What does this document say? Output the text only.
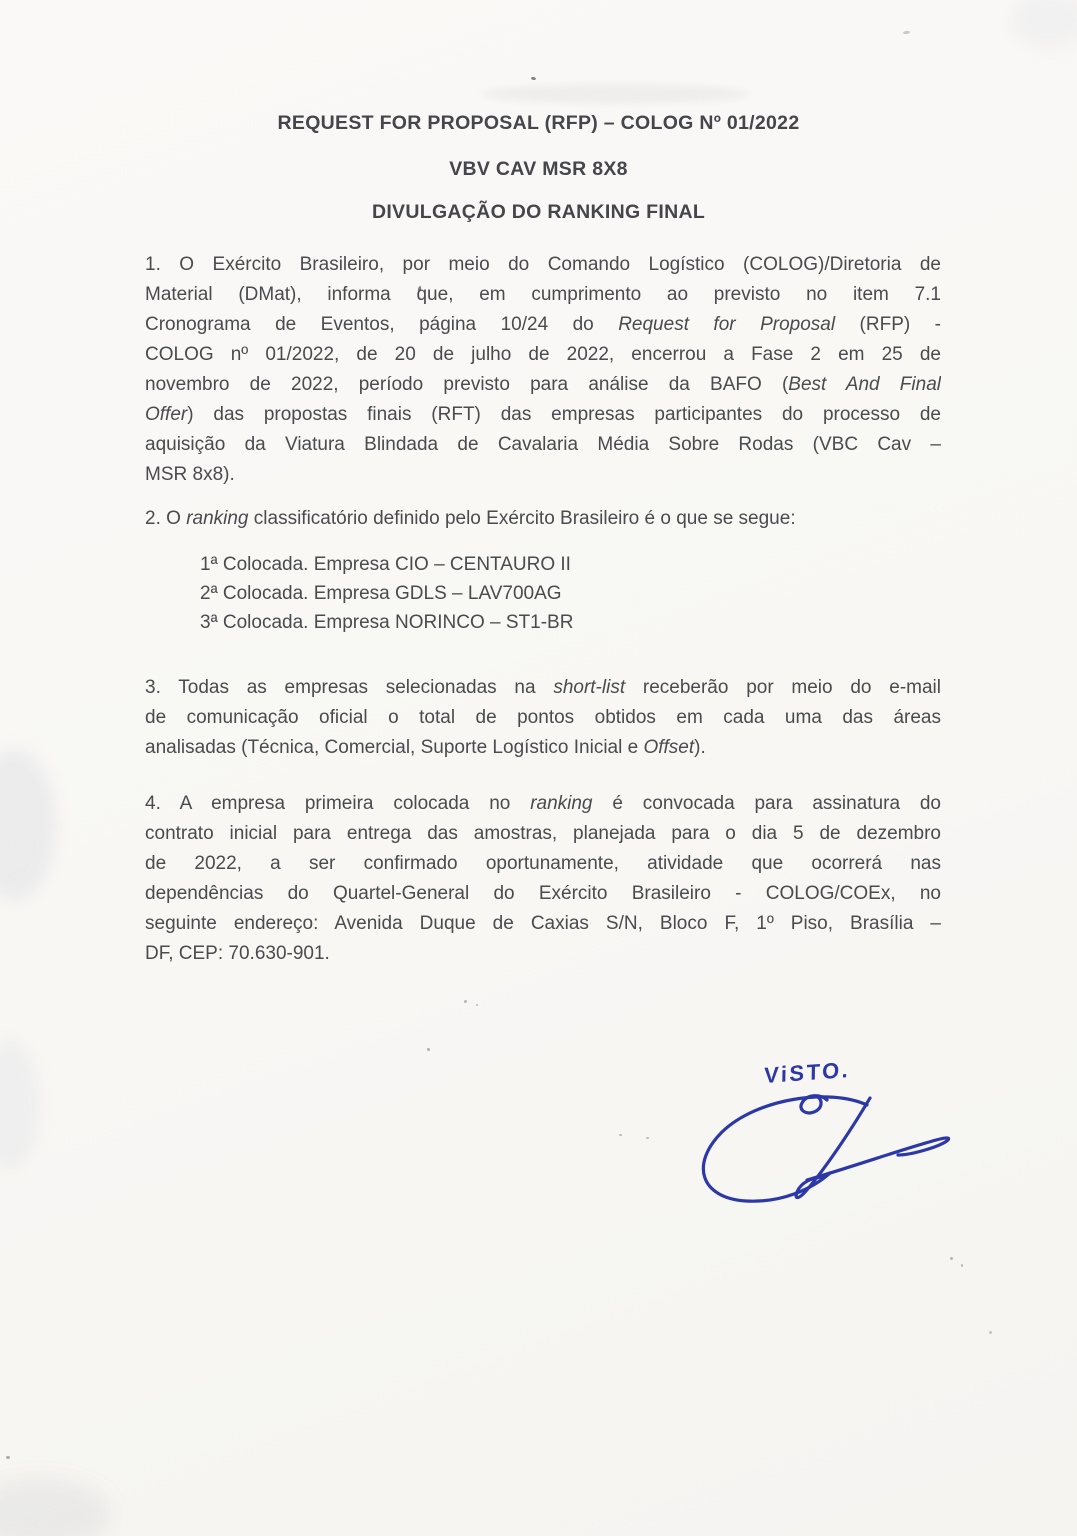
REQUEST FOR PROPOSAL (RFP) – COLOG Nº 01/2022
VBV CAV MSR 8X8
DIVULGAÇÃO DO RANKING FINAL
1. O Exército Brasileiro, por meio do Comando Logístico (COLOG)/Diretoria de
Material (DMat), informa que, em cumprimento ao previsto no item 7.1
Cronograma de Eventos, página 10/24 do Request for Proposal (RFP) -
COLOG nº 01/2022, de 20 de julho de 2022, encerrou a Fase 2 em 25 de
novembro de 2022, período previsto para análise da BAFO (Best And Final
Offer) das propostas finais (RFT) das empresas participantes do processo de
aquisição da Viatura Blindada de Cavalaria Média Sobre Rodas (VBC Cav –
MSR 8x8).
2. O ranking classificatório definido pelo Exército Brasileiro é o que se segue:
1ª Colocada. Empresa CIO – CENTAURO II
2ª Colocada. Empresa GDLS – LAV700AG
3ª Colocada. Empresa NORINCO – ST1-BR
3. Todas as empresas selecionadas na short-list receberão por meio do e-mail
de comunicação oficial o total de pontos obtidos em cada uma das áreas
analisadas (Técnica, Comercial, Suporte Logístico Inicial e Offset).
4. A empresa primeira colocada no ranking é convocada para assinatura do
contrato inicial para entrega das amostras, planejada para o dia 5 de dezembro
de 2022, a ser confirmado oportunamente, atividade que ocorrerá nas
dependências do Quartel-General do Exército Brasileiro - COLOG/COEx, no
seguinte endereço: Avenida Duque de Caxias S/N, Bloco F, 1º Piso, Brasília –
DF, CEP: 70.630-901.
ViSTO.
